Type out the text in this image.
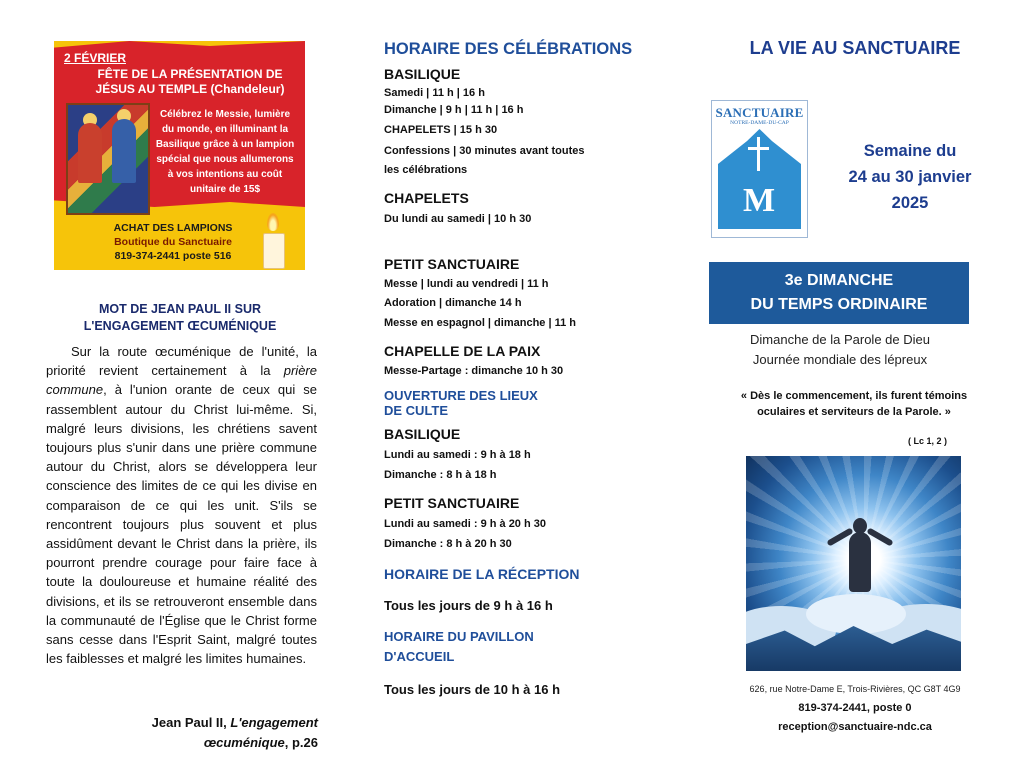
2 FÉVRIER
FÊTE DE LA PRÉSENTATION DE
JÉSUS AU TEMPLE (Chandeleur)
Célébrez le Messie, lumière
du monde, en illuminant la
Basilique grâce à un lampion
spécial que nous allumerons
à vos intentions au coût
unitaire de 15$
ACHAT DES LAMPIONS
Boutique du Sanctuaire
819-374-2441 poste 516
MOT DE JEAN PAUL II SUR
L'ENGAGEMENT ŒCUMÉNIQUE
Sur la route œcuménique de l'unité, la priorité revient certainement à la prière commune, à l'union orante de ceux qui se rassemblent autour du Christ lui-même. Si, malgré leurs divisions, les chrétiens savent toujours plus s'unir dans une prière commune autour du Christ, alors se développera leur conscience des limites de ce qui les divise en comparaison de ce qui les unit. S'ils se rencontrent toujours plus souvent et plus assidûment devant le Christ dans la prière, ils pourront prendre courage pour faire face à toute la douloureuse et humaine réalité des divisions, et ils se retrouveront ensemble dans la communauté de l'Église que le Christ forme sans cesse dans l'Esprit Saint, malgré toutes les faiblesses et malgré les limites humaines.
Jean Paul II, L'engagement
œcuménique, p.26
HORAIRE DES CÉLÉBRATIONS
BASILIQUE
Samedi | 11 h | 16 h
Dimanche | 9 h | 11 h | 16 h
CHAPELETS | 15 h 30
Confessions | 30 minutes avant toutes
les célébrations
CHAPELETS
Du lundi au samedi | 10 h 30
PETIT SANCTUAIRE
Messe | lundi au vendredi | 11 h
Adoration | dimanche 14 h
Messe en espagnol | dimanche | 11 h
CHAPELLE DE LA PAIX
Messe-Partage : dimanche 10 h 30
OUVERTURE DES LIEUX
DE CULTE
BASILIQUE
Lundi au samedi : 9 h à 18 h
Dimanche : 8 h à 18 h
PETIT SANCTUAIRE
Lundi au samedi : 9 h à 20 h 30
Dimanche : 8 h à 20 h 30
HORAIRE DE LA RÉCEPTION
Tous les jours de 9 h à 16 h
HORAIRE DU PAVILLON
D'ACCUEIL
Tous les jours de 10 h à 16 h
LA VIE AU SANCTUAIRE
SANCTUAIRE
NOTRE-DAME-DU-CAP
M
Semaine du
24 au 30 janvier
2025
3e DIMANCHE
DU TEMPS ORDINAIRE
Dimanche de la Parole de Dieu
Journée mondiale des lépreux
« Dès le commencement, ils furent témoins oculaires et serviteurs de la Parole. »
( Lc 1, 2 )
626, rue Notre-Dame E, Trois-Rivières, QC G8T 4G9
819-374-2441, poste 0
reception@sanctuaire-ndc.ca
